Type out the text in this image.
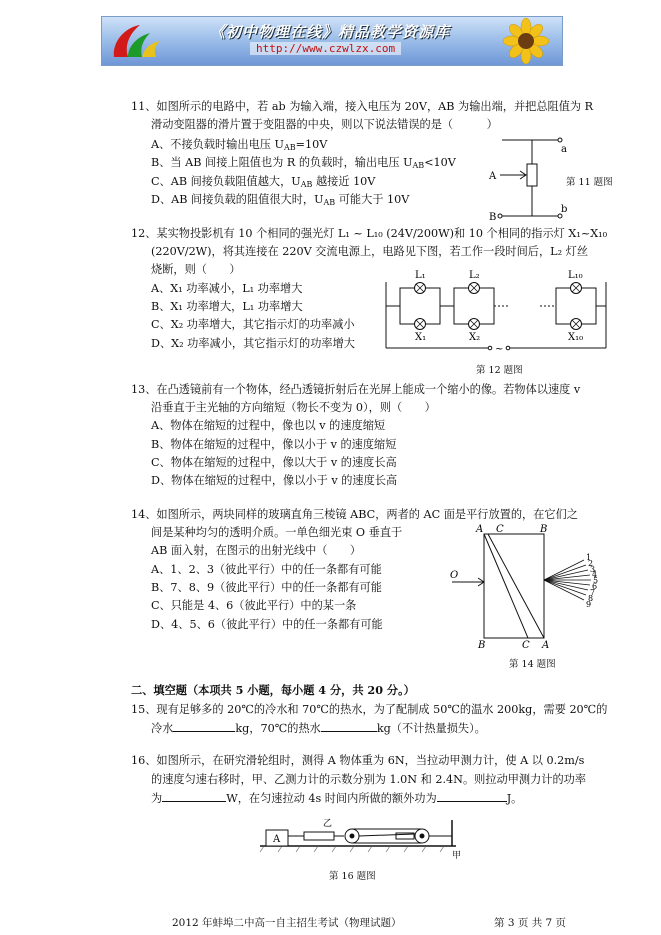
《初中物理在线》精品教学资源库
http://www.czwlzx.com
11、如图所示的电路中，若 ab 为输入端，接入电压为 20V，AB 为输出端，并把总阻值为 R
滑动变阻器的滑片置于变阻器的中央，则以下说法错误的是（　　　）
A、不接负载时输出电压 $U_{AB}=10V$
B、当 AB 间接上阻值也为 R 的负载时，输出电压 $U_{AB}<10V$
C、AB 间接负载阻值越大，$U_{AB}$ 越接近 10V
D、AB 间接负载的阻值很大时，$U_{AB}$ 可能大于 10V
a
b
A
B
第 11 题图
12、某实物投影机有 10 个相同的强光灯 L₁ ~ L₁₀ (24V/200W)和 10 个相同的指示灯 X₁~X₁₀
(220V/2W)，将其连接在 220V 交流电源上，电路见下图，若工作一段时间后，L₂ 灯丝
烧断，则（　　）
A、X₁ 功率减小，L₁ 功率增大
B、X₁ 功率增大，L₁ 功率增大
C、X₂ 功率增大，其它指示灯的功率减小
D、X₂ 功率减小，其它指示灯的功率增大	~
L₁	L₂	L₁₀
X₁	X₂	X₁₀
第 12 题图
13、在凸透镜前有一个物体，经凸透镜折射后在光屏上能成一个缩小的像。若物体以速度 v
沿垂直于主光轴的方向缩短（物长不变为 0），则（　　）
A、物体在缩短的过程中，像也以 v 的速度缩短
B、物体在缩短的过程中，像以小于 v 的速度缩短
C、物体在缩短的过程中，像以大于 v 的速度长高
D、物体在缩短的过程中，像以小于 v 的速度长高
14、如图所示，两块同样的玻璃直角三棱镜 ABC，两者的 AC 面是平行放置的，在它们之
间是某种均匀的透明介质。一单色细光束 O 垂直于
AB 面入射，在图示的出射光线中（　　）
A、1、2、3（彼此平行）中的任一条都有可能
B、7、8、9（彼此平行）中的任一条都有可能
C、只能是 4、6（彼此平行）中的某一条
D、4、5、6（彼此平行）中的任一条都有可能
A C	B
B	C A
O
1
2
3
4
5
6
7
8
9
第 14 题图
二、填空题（本项共 5 小题，每小题 4 分，共 20 分。）
15、现有足够多的 20℃的冷水和 70℃的热水，为了配制成 50℃的温水 200kg，需要 20℃的
冷水	kg，70℃的热水	kg（不计热量损失）。
16、如图所示，在研究滑轮组时，测得 A 物体重为 6N，当拉动甲测力计，使 A 以 0.2m/s
的速度匀速右移时，甲、乙测力计的示数分别为 1.0N 和 2.4N。则拉动甲测力计的功率
为	W，在匀速拉动 4s 时间内所做的额外功为	J。
A
乙
甲
第 16 题图
2012 年蚌埠二中高一自主招生考试（物理试题）	第 3 页 共 7 页
